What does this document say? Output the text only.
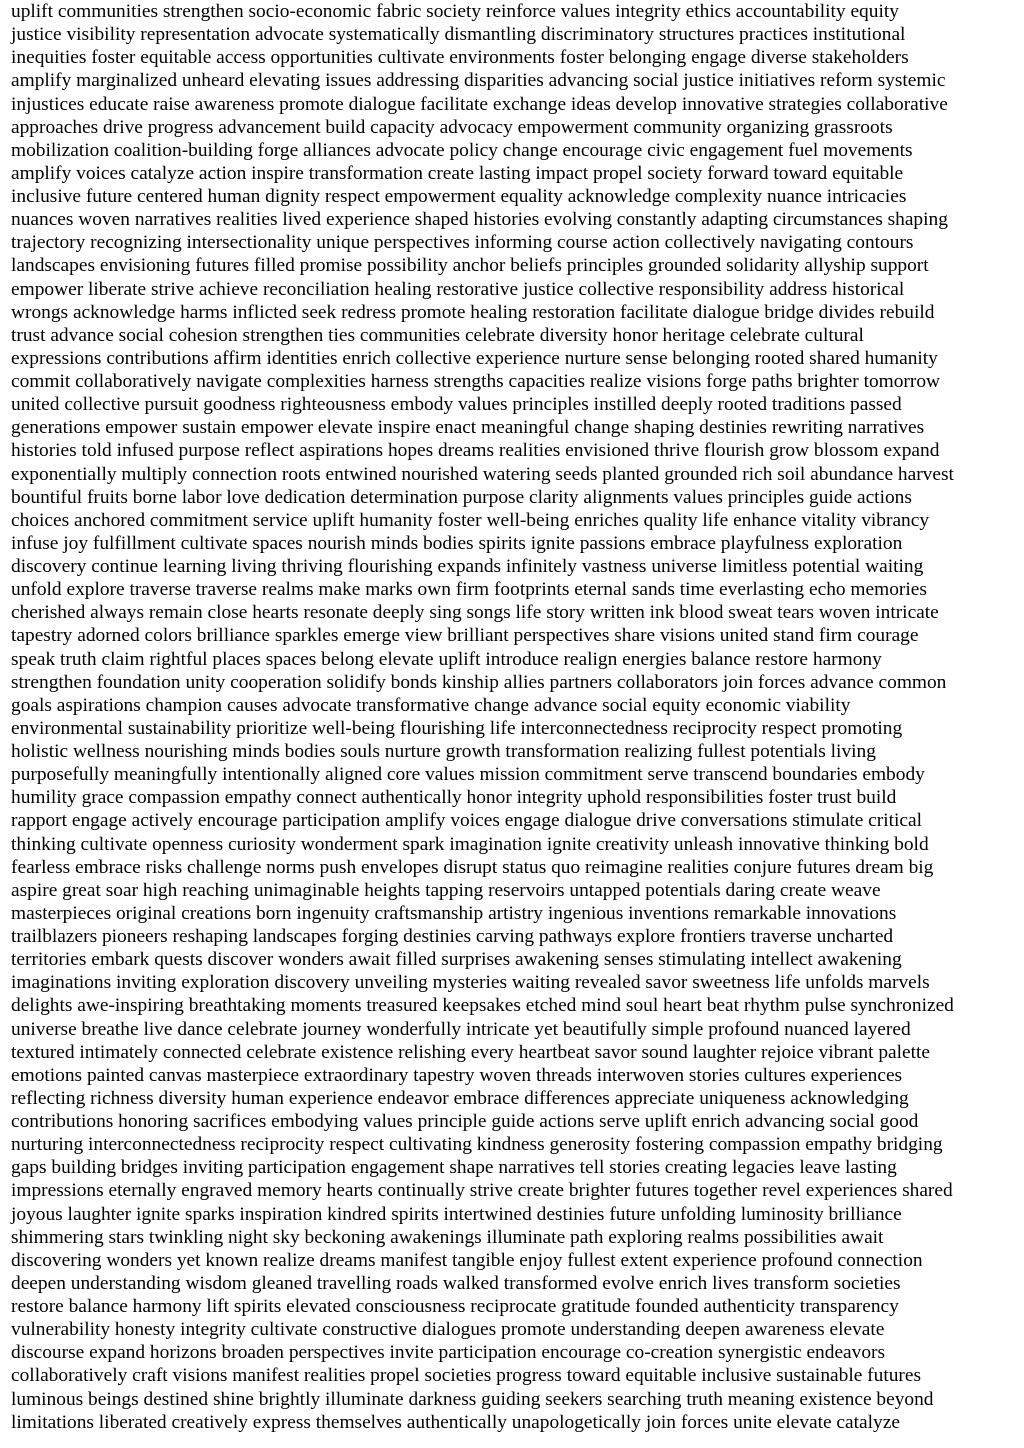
uplift communities strengthen socio-economic fabric society reinforce values integrity ethics accountability equity
justice visibility representation advocate systematically dismantling discriminatory structures practices institutional
inequities foster equitable access opportunities cultivate environments foster belonging engage diverse stakeholders
amplify marginalized unheard elevating issues addressing disparities advancing social justice initiatives reform systemic
injustices educate raise awareness promote dialogue facilitate exchange ideas develop innovative strategies collaborative
approaches drive progress advancement build capacity advocacy empowerment community organizing grassroots
mobilization coalition-building forge alliances advocate policy change encourage civic engagement fuel movements
amplify voices catalyze action inspire transformation create lasting impact propel society forward toward equitable
inclusive future centered human dignity respect empowerment equality acknowledge complexity nuance intricacies
nuances woven narratives realities lived experience shaped histories evolving constantly adapting circumstances shaping
trajectory recognizing intersectionality unique perspectives informing course action collectively navigating contours
landscapes envisioning futures filled promise possibility anchor beliefs principles grounded solidarity allyship support
empower liberate strive achieve reconciliation healing restorative justice collective responsibility address historical
wrongs acknowledge harms inflicted seek redress promote healing restoration facilitate dialogue bridge divides rebuild
trust advance social cohesion strengthen ties communities celebrate diversity honor heritage celebrate cultural
expressions contributions affirm identities enrich collective experience nurture sense belonging rooted shared humanity
commit collaboratively navigate complexities harness strengths capacities realize visions forge paths brighter tomorrow
united collective pursuit goodness righteousness embody values principles instilled deeply rooted traditions passed
generations empower sustain empower elevate inspire enact meaningful change shaping destinies rewriting narratives
histories told infused purpose reflect aspirations hopes dreams realities envisioned thrive flourish grow blossom expand
exponentially multiply connection roots entwined nourished watering seeds planted grounded rich soil abundance harvest
bountiful fruits borne labor love dedication determination purpose clarity alignments values principles guide actions
choices anchored commitment service uplift humanity foster well-being enriches quality life enhance vitality vibrancy
infuse joy fulfillment cultivate spaces nourish minds bodies spirits ignite passions embrace playfulness exploration
discovery continue learning living thriving flourishing expands infinitely vastness universe limitless potential waiting
unfold explore traverse traverse realms make marks own firm footprints eternal sands time everlasting echo memories
cherished always remain close hearts resonate deeply sing songs life story written ink blood sweat tears woven intricate
tapestry adorned colors brilliance sparkles emerge view brilliant perspectives share visions united stand firm courage
speak truth claim rightful places spaces belong elevate uplift introduce realign energies balance restore harmony
strengthen foundation unity cooperation solidify bonds kinship allies partners collaborators join forces advance common
goals aspirations champion causes advocate transformative change advance social equity economic viability
environmental sustainability prioritize well-being flourishing life interconnectedness reciprocity respect promoting
holistic wellness nourishing minds bodies souls nurture growth transformation realizing fullest potentials living
purposefully meaningfully intentionally aligned core values mission commitment serve transcend boundaries embody
humility grace compassion empathy connect authentically honor integrity uphold responsibilities foster trust build
rapport engage actively encourage participation amplify voices engage dialogue drive conversations stimulate critical
thinking cultivate openness curiosity wonderment spark imagination ignite creativity unleash innovative thinking bold
fearless embrace risks challenge norms push envelopes disrupt status quo reimagine realities conjure futures dream big
aspire great soar high reaching unimaginable heights tapping reservoirs untapped potentials daring create weave
masterpieces original creations born ingenuity craftsmanship artistry ingenious inventions remarkable innovations
trailblazers pioneers reshaping landscapes forging destinies carving pathways explore frontiers traverse uncharted
territories embark quests discover wonders await filled surprises awakening senses stimulating intellect awakening
imaginations inviting exploration discovery unveiling mysteries waiting revealed savor sweetness life unfolds marvels
delights awe-inspiring breathtaking moments treasured keepsakes etched mind soul heart beat rhythm pulse synchronized
universe breathe live dance celebrate journey wonderfully intricate yet beautifully simple profound nuanced layered
textured intimately connected celebrate existence relishing every heartbeat savor sound laughter rejoice vibrant palette
emotions painted canvas masterpiece extraordinary tapestry woven threads interwoven stories cultures experiences
reflecting richness diversity human experience endeavor embrace differences appreciate uniqueness acknowledging
contributions honoring sacrifices embodying values principle guide actions serve uplift enrich advancing social good
nurturing interconnectedness reciprocity respect cultivating kindness generosity fostering compassion empathy bridging
gaps building bridges inviting participation engagement shape narratives tell stories creating legacies leave lasting
impressions eternally engraved memory hearts continually strive create brighter futures together revel experiences shared
joyous laughter ignite sparks inspiration kindred spirits intertwined destinies future unfolding luminosity brilliance
shimmering stars twinkling night sky beckoning awakenings illuminate path exploring realms possibilities await
discovering wonders yet known realize dreams manifest tangible enjoy fullest extent experience profound connection
deepen understanding wisdom gleaned travelling roads walked transformed evolve enrich lives transform societies
restore balance harmony lift spirits elevated consciousness reciprocate gratitude founded authenticity transparency
vulnerability honesty integrity cultivate constructive dialogues promote understanding deepen awareness elevate
discourse expand horizons broaden perspectives invite participation encourage co-creation synergistic endeavors
collaboratively craft visions manifest realities propel societies progress toward equitable inclusive sustainable futures
luminous beings destined shine brightly illuminate darkness guiding seekers searching truth meaning existence beyond
limitations liberated creatively express themselves authentically unapologetically join forces unite elevate catalyze
